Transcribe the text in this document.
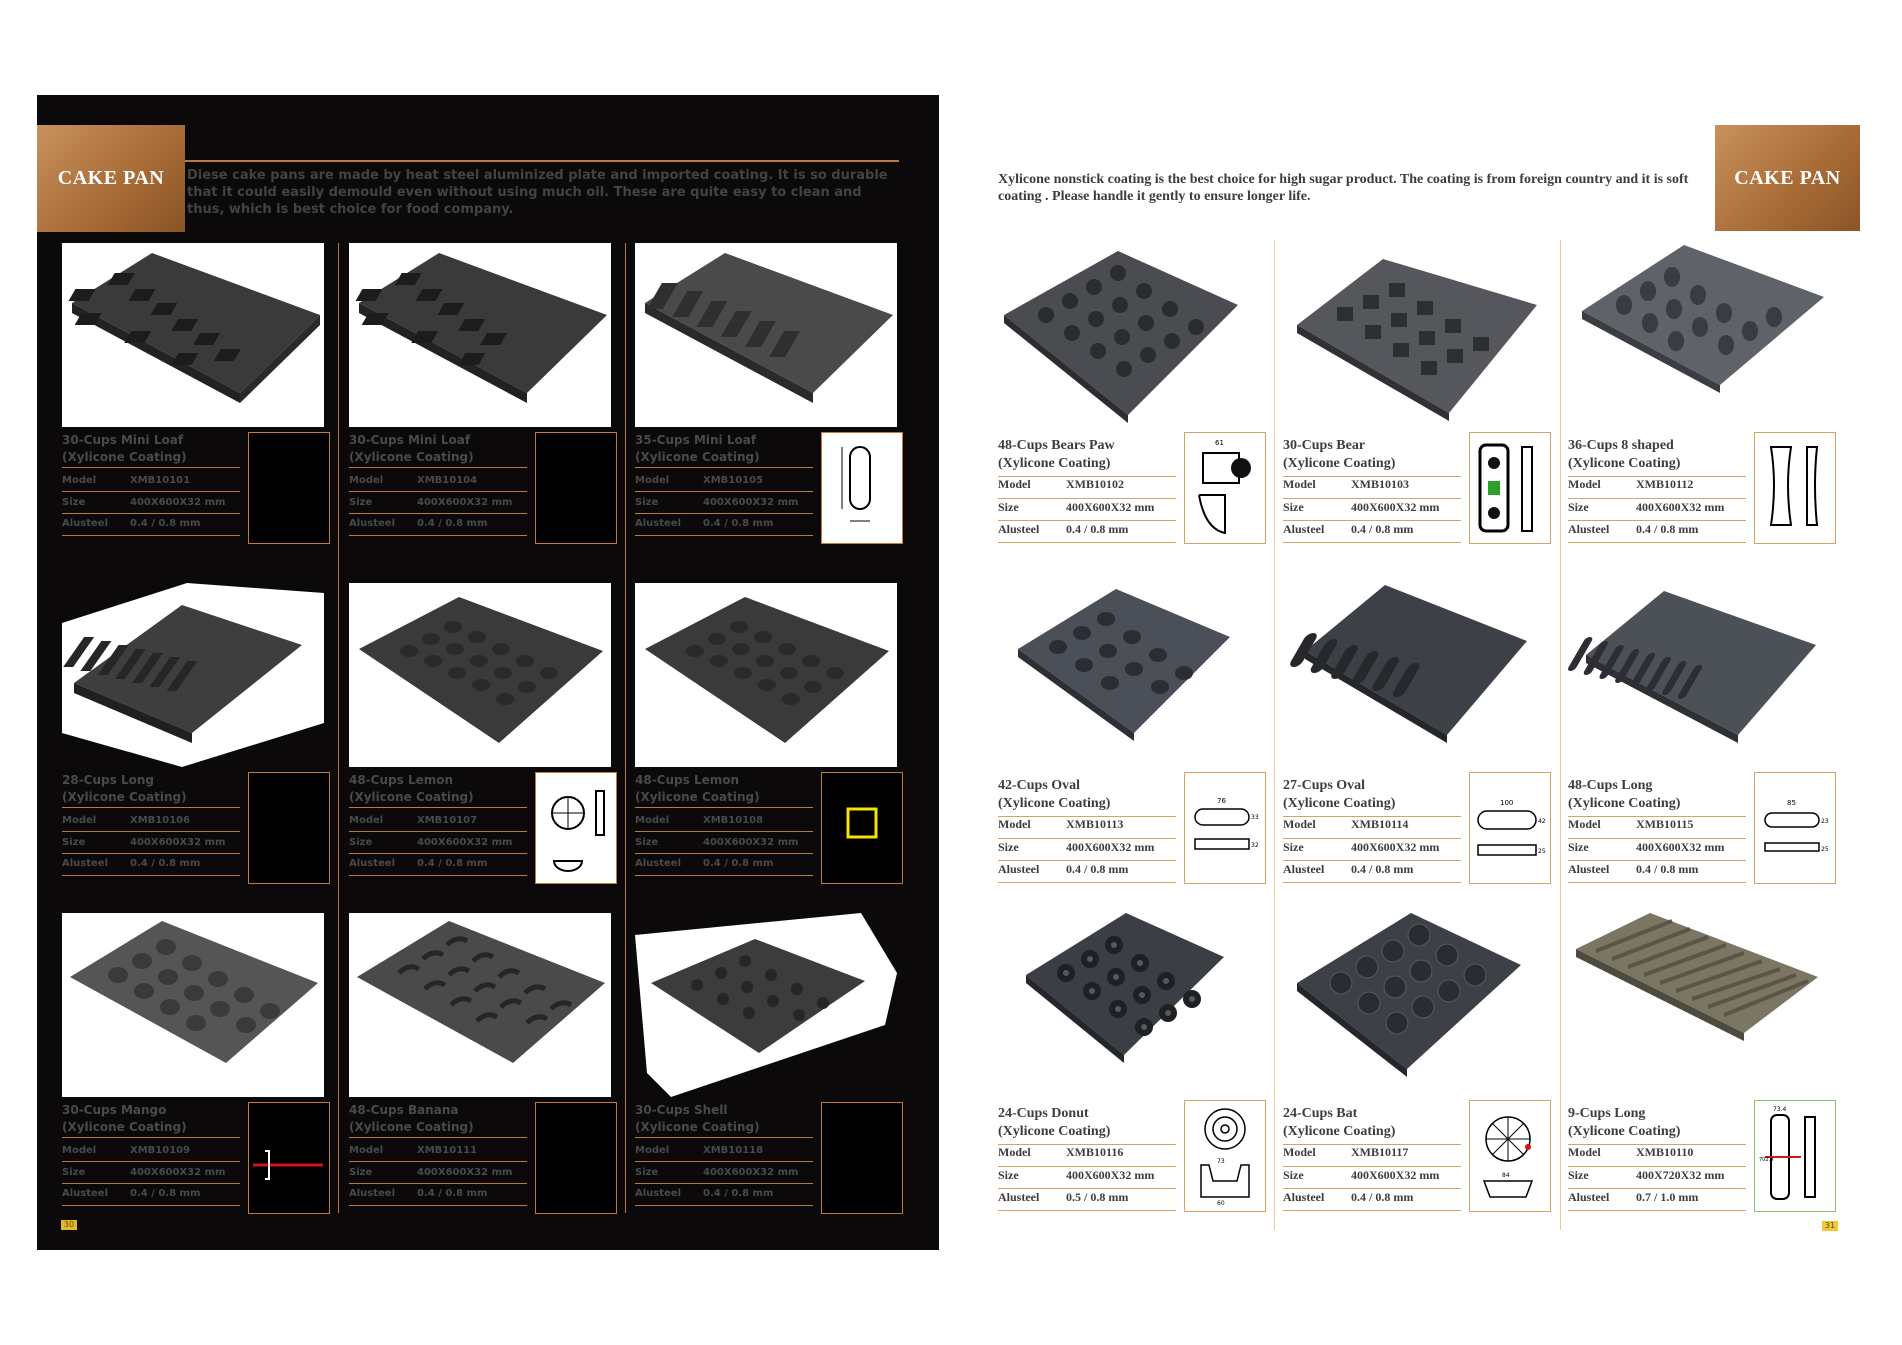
CAKE PAN Diese cake pans are made by heat steel aluminized plate and imported coating. It is so durable that it could easily demould even without using much oil. These are quite easy to clean and thus, which is best choice for food company.
30-Cups Mini Loaf
(Xylicone Coating)
Model	XMB10101
Size	400X600X32 mm
Alusteel 0.4 / 0.8 mm
30-Cups Mini Loaf
(Xylicone Coating)
Model	XMB10104
Size	400X600X32 mm
Alusteel 0.4 / 0.8 mm
35-Cups Mini Loaf
(Xylicone Coating)
Model	XMB10105
Size	400X600X32 mm
Alusteel 0.4 / 0.8 mm
28-Cups Long
(Xylicone Coating)
Model	XMB10106
Size	400X600X32 mm
Alusteel 0.4 / 0.8 mm
48-Cups Lemon
(Xylicone Coating)
Model	XMB10107
Size	400X600X32 mm
Alusteel 0.4 / 0.8 mm
48-Cups Lemon
(Xylicone Coating)
Model	XMB10108
Size	400X600X32 mm
Alusteel 0.4 / 0.8 mm
30-Cups Mango
(Xylicone Coating)
Model	XMB10109
Size	400X600X32 mm
Alusteel 0.4 / 0.8 mm
48-Cups Banana
(Xylicone Coating)
Model	XMB10111
Size	400X600X32 mm
Alusteel 0.4 / 0.8 mm
30-Cups Shell
(Xylicone Coating)
Model	XMB10118
Size	400X600X32 mm
Alusteel 0.4 / 0.8 mm
30
CAKE PAN
Xylicone nonstick coating is the best choice for high sugar product. The coating is from foreign country and it is soft coating . Please handle it gently to ensure longer life.
48-Cups Bears Paw
(Xylicone Coating)
Model	XMB10102
Size	400X600X32 mm
Alusteel 0.4 / 0.8 mm
61	30-Cups Bear
(Xylicone Coating)
Model	XMB10103
Size	400X600X32 mm
Alusteel 0.4 / 0.8 mm
36-Cups 8 shaped
(Xylicone Coating)
Model	XMB10112
Size	400X600X32 mm
Alusteel 0.4 / 0.8 mm
42-Cups Oval
(Xylicone Coating)
Model	XMB10113
Size	400X600X32 mm
Alusteel 0.4 / 0.8 mm
76
33
32
27-Cups Oval
(Xylicone Coating)
Model	XMB10114
Size	400X600X32 mm
Alusteel 0.4 / 0.8 mm
100
42
25
48-Cups Long
(Xylicone Coating)
Model	XMB10115
Size	400X600X32 mm
Alusteel 0.4 / 0.8 mm
85
23
25
24-Cups Donut
(Xylicone Coating)
Model	XMB10116
Size	400X600X32 mm
Alusteel 0.5 / 0.8 mm
73
60
24-Cups Bat
(Xylicone Coating)
Model	XMB10117
Size	400X600X32 mm
Alusteel 0.4 / 0.8 mm
84
9-Cups Long
(Xylicone Coating)
Model	XMB10110
Size	400X720X32 mm
Alusteel 0.7 / 1.0 mm
73.4
702.4
31
